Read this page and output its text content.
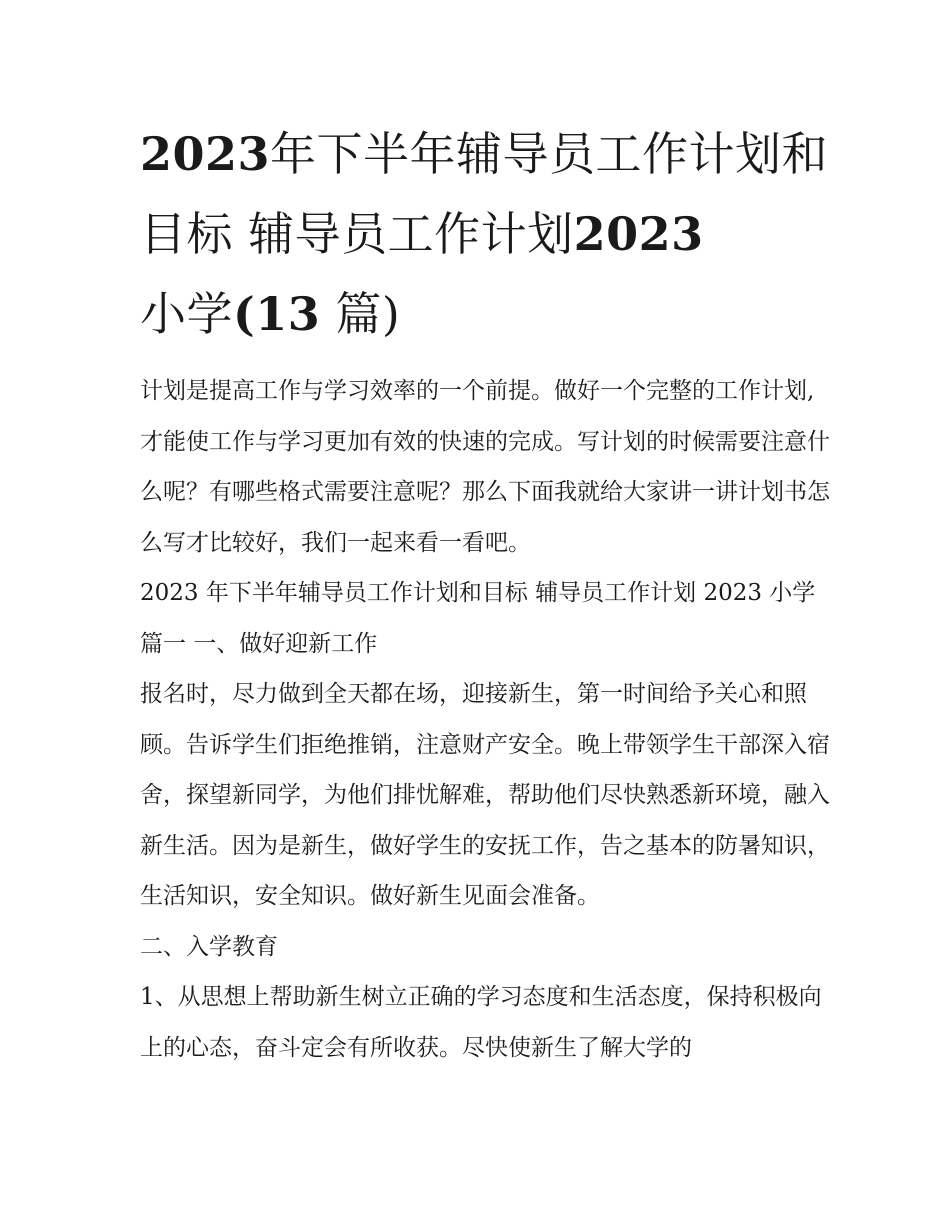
2023年下半年辅导员工作计划和目标 辅导员工作计划2023
小学(13 篇)

计划是提高工作与学习效率的一个前提。做好一个完整的工作计划,才能使工作与学习更加有效的快速的完成。写计划的时候需要注意什么呢？有哪些格式需要注意呢？那么下面我就给大家讲一讲计划书怎么写才比较好，我们一起来看一看吧。

2023 年下半年辅导员工作计划和目标 辅导员工作计划 2023 小学篇一 一、做好迎新工作

报名时，尽力做到全天都在场，迎接新生，第一时间给予关心和照顾。告诉学生们拒绝推销，注意财产安全。晚上带领学生干部深入宿舍，探望新同学，为他们排忧解难，帮助他们尽快熟悉新环境，融入新生活。因为是新生，做好学生的安抚工作，告之基本的防暑知识，生活知识，安全知识。做好新生见面会准备。

二、入学教育

1、从思想上帮助新生树立正确的学习态度和生活态度，保持积极向上的心态，奋斗定会有所收获。尽快使新生了解大学的
